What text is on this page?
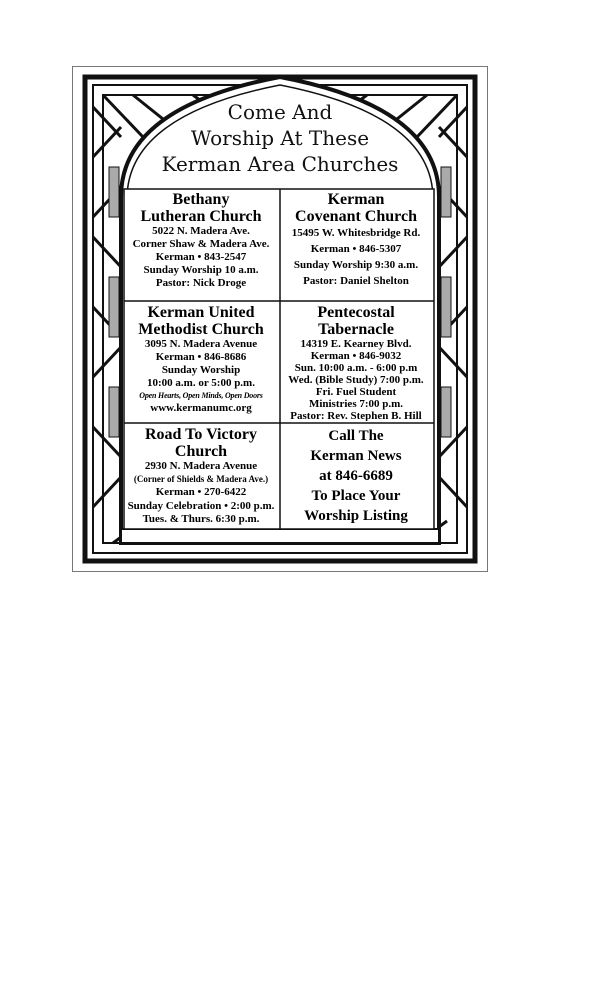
Come And
Worship At These
Kerman Area Churches
Bethany
Lutheran Church
5022 N. Madera Ave.
Corner Shaw & Madera Ave.
Kerman • 843-2547
Sunday Worship 10 a.m.
Pastor: Nick Droge
Kerman
Covenant Church
15495 W. Whitesbridge Rd.
Kerman • 846-5307
Sunday Worship 9:30 a.m.
Pastor: Daniel Shelton
Kerman United
Methodist Church
3095 N. Madera Avenue
Kerman • 846-8686
Sunday Worship
10:00 a.m. or 5:00 p.m.
Open Hearts, Open Minds, Open Doors
www.kermanumc.org
Pentecostal
Tabernacle
14319 E. Kearney Blvd.
Kerman • 846-9032
Sun. 10:00 a.m. - 6:00 p.m
Wed. (Bible Study) 7:00 p.m.
Fri. Fuel Student
Ministries 7:00 p.m.
Pastor: Rev. Stephen B. Hill
Road To Victory
Church
2930 N. Madera Avenue
(Corner of Shields & Madera Ave.)
Kerman • 270-6422
Sunday Celebration • 2:00 p.m.
Tues. & Thurs. 6:30 p.m.
Call The
Kerman News
at 846-6689
To Place Your
Worship Listing
